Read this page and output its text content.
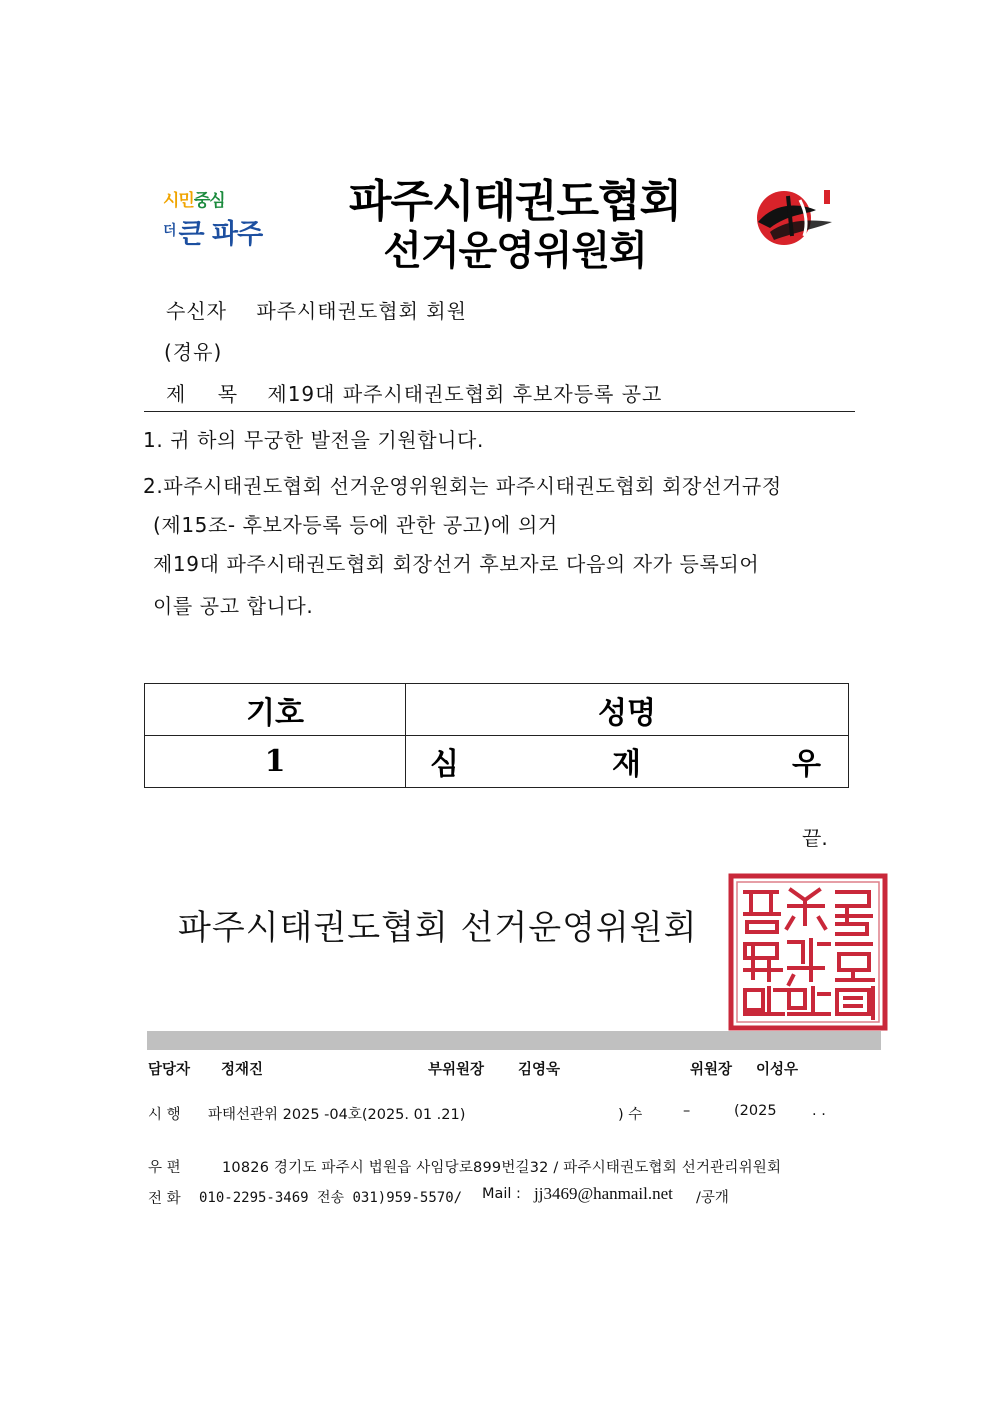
시민중심
더큰 파주
파주시태권도협회
선거운영위원회
수신자 파주시태권도협회 회원
(경유)
제 목 제19대 파주시태권도협회 후보자등록 공고
1. 귀 하의 무궁한 발전을 기원합니다.
2.파주시태권도협회 선거운영위원회는 파주시태권도협회 회장선거규정
(제15조- 후보자등록 등에 관한 공고)에 의거
제19대 파주시태권도협회 회장선거 후보자로 다음의 자가 등록되어
이를 공고 합니다.
기호	성명
1	심 재 우
끝.
파주시태권도협회 선거운영위원회
담당자 정재진	부위원장 김영욱	위원장 이성우
시 행 파태선관위 2025 -04호(2025. 01 .21)	) 수	–	(2025 . .
우 편	10826 경기도 파주시 법원읍 사임당로899번길32 / 파주시태권도협회 선거관리위원회
전 화 010-2295-3469 전송 031)959-5570/ Mail : jj3469@hanmail.net /공개
